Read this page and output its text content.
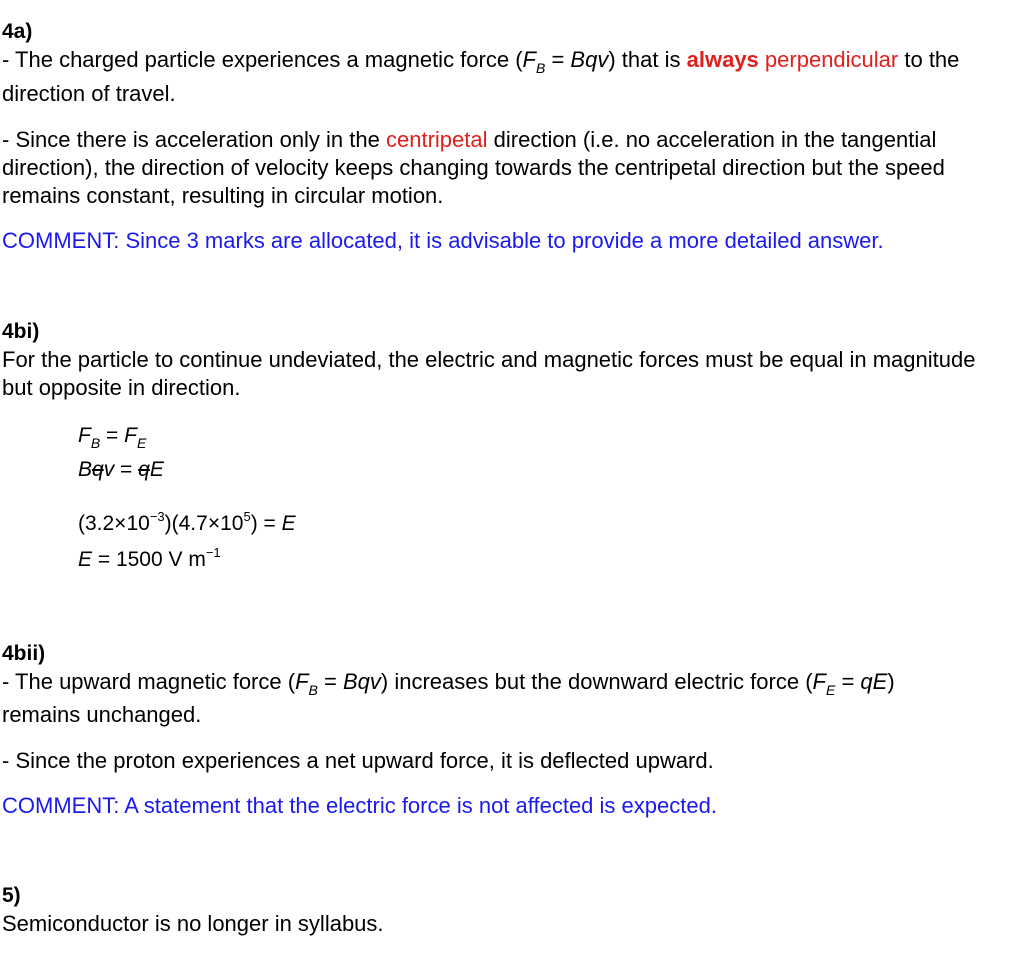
4a)
- The charged particle experiences a magnetic force $(F_B = Bqv)$ that is always perpendicular to the
direction of travel.
- Since there is acceleration only in the centripetal direction (i.e. no acceleration in the tangential
direction), the direction of velocity keeps changing towards the centripetal direction but the speed
remains constant, resulting in circular motion.
COMMENT: Since 3 marks are allocated, it is advisable to provide a more detailed answer.
4bi)
For the particle to continue undeviated, the electric and magnetic forces must be equal in magnitude
but opposite in direction.
$F_B = F_E$
Bqv = qE
$(3.2\times 10^{-3})(4.7\times 10^5) = E$
E = 1500 V $m^{-1}$
4bii)
- The upward magnetic force $(F_B = Bqv)$ increases but the downward electric force $(F_E = qE)$
remains unchanged.
- Since the proton experiences a net upward force, it is deflected upward.
COMMENT: A statement that the electric force is not affected is expected.
5)
Semiconductor is no longer in syllabus.
